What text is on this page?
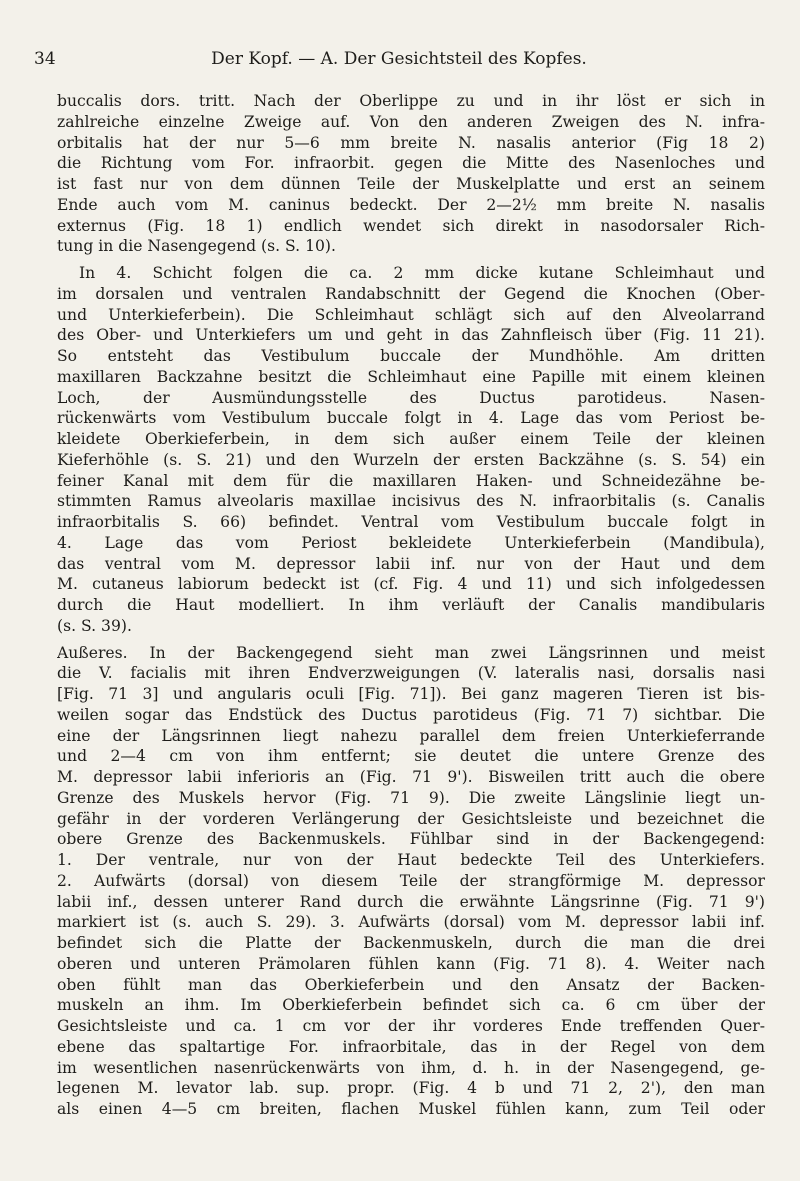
34	Der Kopf. — A. Der Gesichtsteil des Kopfes.
buccalis dors. tritt. Nach der Oberlippe zu und in ihr löst er sich in
zahlreiche einzelne Zweige auf. Von den anderen Zweigen des N. infra-
orbitalis hat der nur 5—6 mm breite N. nasalis anterior (Fig 18 2)
die Richtung vom For. infraorbit. gegen die Mitte des Nasenloches und
ist fast nur von dem dünnen Teile der Muskelplatte und erst an seinem
Ende auch vom M. caninus bedeckt. Der 2—2½ mm breite N. nasalis
externus (Fig. 18 1) endlich wendet sich direkt in nasodorsaler Rich-
tung in die Nasengegend (s. S. 10).
In 4. Schicht folgen die ca. 2 mm dicke kutane Schleimhaut und
im dorsalen und ventralen Randabschnitt der Gegend die Knochen (Ober-
und Unterkieferbein). Die Schleimhaut schlägt sich auf den Alveolarrand
des Ober- und Unterkiefers um und geht in das Zahnfleisch über (Fig. 11 21).
So entsteht das Vestibulum buccale der Mundhöhle. Am dritten
maxillaren Backzahne besitzt die Schleimhaut eine Papille mit einem kleinen
Loch, der Ausmündungsstelle des Ductus parotideus. Nasen-
rückenwärts vom Vestibulum buccale folgt in 4. Lage das vom Periost be-
kleidete Oberkieferbein, in dem sich außer einem Teile der kleinen
Kieferhöhle (s. S. 21) und den Wurzeln der ersten Backzähne (s. S. 54) ein
feiner Kanal mit dem für die maxillaren Haken- und Schneidezähne be-
stimmten Ramus alveolaris maxillae incisivus des N. infraorbitalis (s. Canalis
infraorbitalis S. 66) befindet. Ventral vom Vestibulum buccale folgt in
4. Lage das vom Periost bekleidete Unterkieferbein (Mandibula),
das ventral vom M. depressor labii inf. nur von der Haut und dem
M. cutaneus labiorum bedeckt ist (cf. Fig. 4 und 11) und sich infolgedessen
durch die Haut modelliert. In ihm verläuft der Canalis mandibularis
(s. S. 39).
Außeres. In der Backengegend sieht man zwei Längsrinnen und meist
die V. facialis mit ihren Endverzweigungen (V. lateralis nasi, dorsalis nasi
[Fig. 71 3] und angularis oculi [Fig. 71]). Bei ganz mageren Tieren ist bis-
weilen sogar das Endstück des Ductus parotideus (Fig. 71 7) sichtbar. Die
eine der Längsrinnen liegt nahezu parallel dem freien Unterkieferrande
und 2—4 cm von ihm entfernt; sie deutet die untere Grenze des
M. depressor labii inferioris an (Fig. 71 9'). Bisweilen tritt auch die obere
Grenze des Muskels hervor (Fig. 71 9). Die zweite Längslinie liegt un-
gefähr in der vorderen Verlängerung der Gesichtsleiste und bezeichnet die
obere Grenze des Backenmuskels. Fühlbar sind in der Backengegend:
1. Der ventrale, nur von der Haut bedeckte Teil des Unterkiefers.
2. Aufwärts (dorsal) von diesem Teile der strangförmige M. depressor
labii inf., dessen unterer Rand durch die erwähnte Längsrinne (Fig. 71 9')
markiert ist (s. auch S. 29). 3. Aufwärts (dorsal) vom M. depressor labii inf.
befindet sich die Platte der Backenmuskeln, durch die man die drei
oberen und unteren Prämolaren fühlen kann (Fig. 71 8). 4. Weiter nach
oben fühlt man das Oberkieferbein und den Ansatz der Backen-
muskeln an ihm. Im Oberkieferbein befindet sich ca. 6 cm über der
Gesichtsleiste und ca. 1 cm vor der ihr vorderes Ende treffenden Quer-
ebene das spaltartige For. infraorbitale, das in der Regel von dem
im wesentlichen nasenrückenwärts von ihm, d. h. in der Nasengegend, ge-
legenen M. levator lab. sup. propr. (Fig. 4 b und 71 2, 2'), den man
als einen 4—5 cm breiten, flachen Muskel fühlen kann, zum Teil oder
